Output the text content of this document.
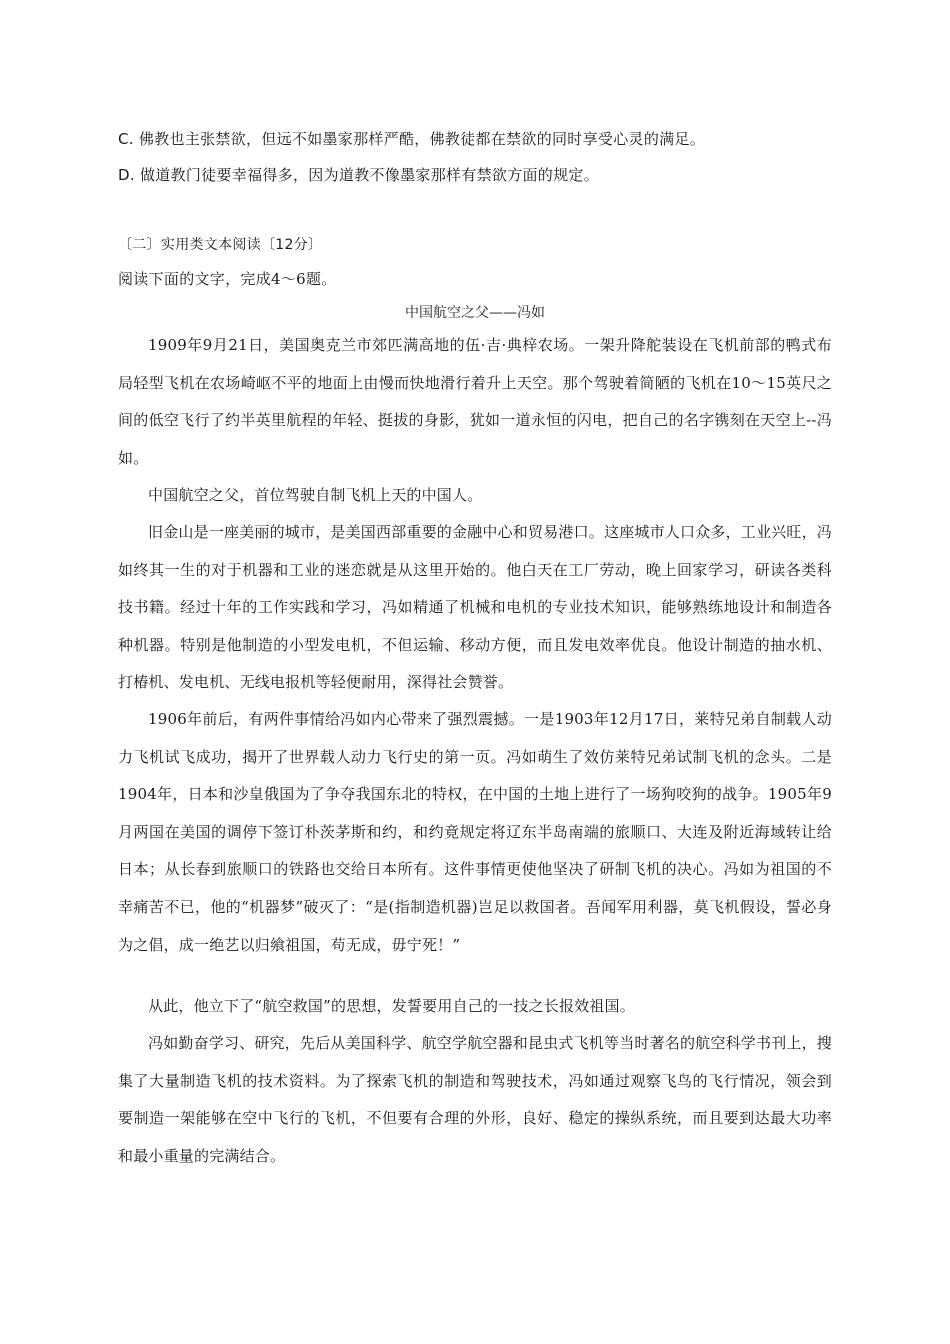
C. 佛教也主张禁欲，但远不如墨家那样严酷，佛教徒都在禁欲的同时享受心灵的满足。
D. 做道教门徒要幸福得多，因为道教不像墨家那样有禁欲方面的规定。
〔二〕实用类文本阅读〔12分〕
阅读下面的文字，完成4～6题。
中国航空之父——冯如

1909年9月21日，美国奥克兰市郊匹满高地的伍·吉·典梓农场。一架升降舵装设在飞机前部的鸭式布局轻型飞机在农场崎岖不平的地面上由慢而快地滑行着升上天空。那个驾驶着简陋的飞机在10～15英尺之间的低空飞行了约半英里航程的年轻、挺拔的身影，犹如一道永恒的闪电，把自己的名字镌刻在天空上--冯如。

中国航空之父，首位驾驶自制飞机上天的中国人。

旧金山是一座美丽的城市，是美国西部重要的金融中心和贸易港口。这座城市人口众多，工业兴旺，冯如终其一生的对于机器和工业的迷恋就是从这里开始的。他白天在工厂劳动，晚上回家学习，研读各类科技书籍。经过十年的工作实践和学习，冯如精通了机械和电机的专业技术知识，能够熟练地设计和制造各种机器。特别是他制造的小型发电机，不但运输、移动方便，而且发电效率优良。他设计制造的抽水机、打椿机、发电机、无线电报机等轻便耐用，深得社会赞誉。

1906年前后，有两件事情给冯如内心带来了强烈震撼。一是1903年12月17日，莱特兄弟自制载人动力飞机试飞成功，揭开了世界载人动力飞行史的第一页。冯如萌生了效仿莱特兄弟试制飞机的念头。二是1904年，日本和沙皇俄国为了争夺我国东北的特权，在中国的土地上进行了一场狗咬狗的战争。1905年9月两国在美国的调停下签订朴茨茅斯和约，和约竟规定将辽东半岛南端的旅顺口、大连及附近海域转让给日本；从长春到旅顺口的铁路也交给日本所有。这件事情更使他坚决了研制飞机的决心。冯如为祖国的不幸痛苦不已，他的“机器梦”破灭了：“是(指制造机器)岂足以救国者。吾闻军用利器，莫飞机假设，誓必身为之倡，成一绝艺以归飨祖国，苟无成，毋宁死！”

从此，他立下了“航空救国”的思想，发誓要用自己的一技之长报效祖国。

冯如勤奋学习、研究，先后从美国科学、航空学航空器和昆虫式飞机等当时著名的航空科学书刊上，搜集了大量制造飞机的技术资料。为了探索飞机的制造和驾驶技术，冯如通过观察飞鸟的飞行情况，领会到要制造一架能够在空中飞行的飞机，不但要有合理的外形，良好、稳定的操纵系统，而且要到达最大功率和最小重量的完满结合。
